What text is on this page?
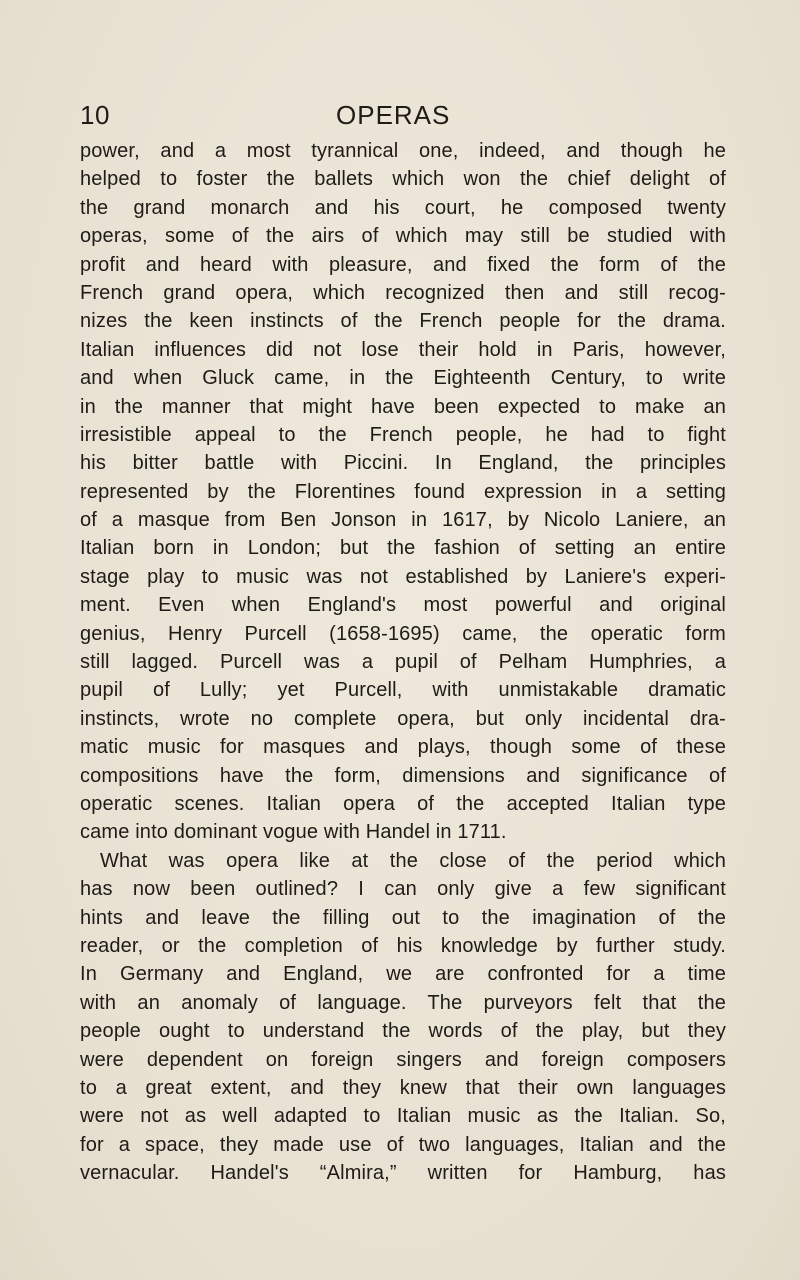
10	OPERAS
power, and a most tyrannical one, indeed, and though he
helped to foster the ballets which won the chief delight of
the grand monarch and his court, he composed twenty
operas, some of the airs of which may still be studied with
profit and heard with pleasure, and fixed the form of the
French grand opera, which recognized then and still recog-
nizes the keen instincts of the French people for the drama.
Italian influences did not lose their hold in Paris, however,
and when Gluck came, in the Eighteenth Century, to write
in the manner that might have been expected to make an
irresistible appeal to the French people, he had to fight
his bitter battle with Piccini. In England, the principles
represented by the Florentines found expression in a setting
of a masque from Ben Jonson in 1617, by Nicolo Laniere, an
Italian born in London; but the fashion of setting an entire
stage play to music was not established by Laniere's experi-
ment. Even when England's most powerful and original
genius, Henry Purcell (1658-1695) came, the operatic form
still lagged. Purcell was a pupil of Pelham Humphries, a
pupil of Lully; yet Purcell, with unmistakable dramatic
instincts, wrote no complete opera, but only incidental dra-
matic music for masques and plays, though some of these
compositions have the form, dimensions and significance of
operatic scenes. Italian opera of the accepted Italian type
came into dominant vogue with Handel in 1711.
What was opera like at the close of the period which
has now been outlined? I can only give a few significant
hints and leave the filling out to the imagination of the
reader, or the completion of his knowledge by further study.
In Germany and England, we are confronted for a time
with an anomaly of language. The purveyors felt that the
people ought to understand the words of the play, but they
were dependent on foreign singers and foreign composers
to a great extent, and they knew that their own languages
were not as well adapted to Italian music as the Italian. So,
for a space, they made use of two languages, Italian and the
vernacular. Handel's “Almira,” written for Hamburg, has
